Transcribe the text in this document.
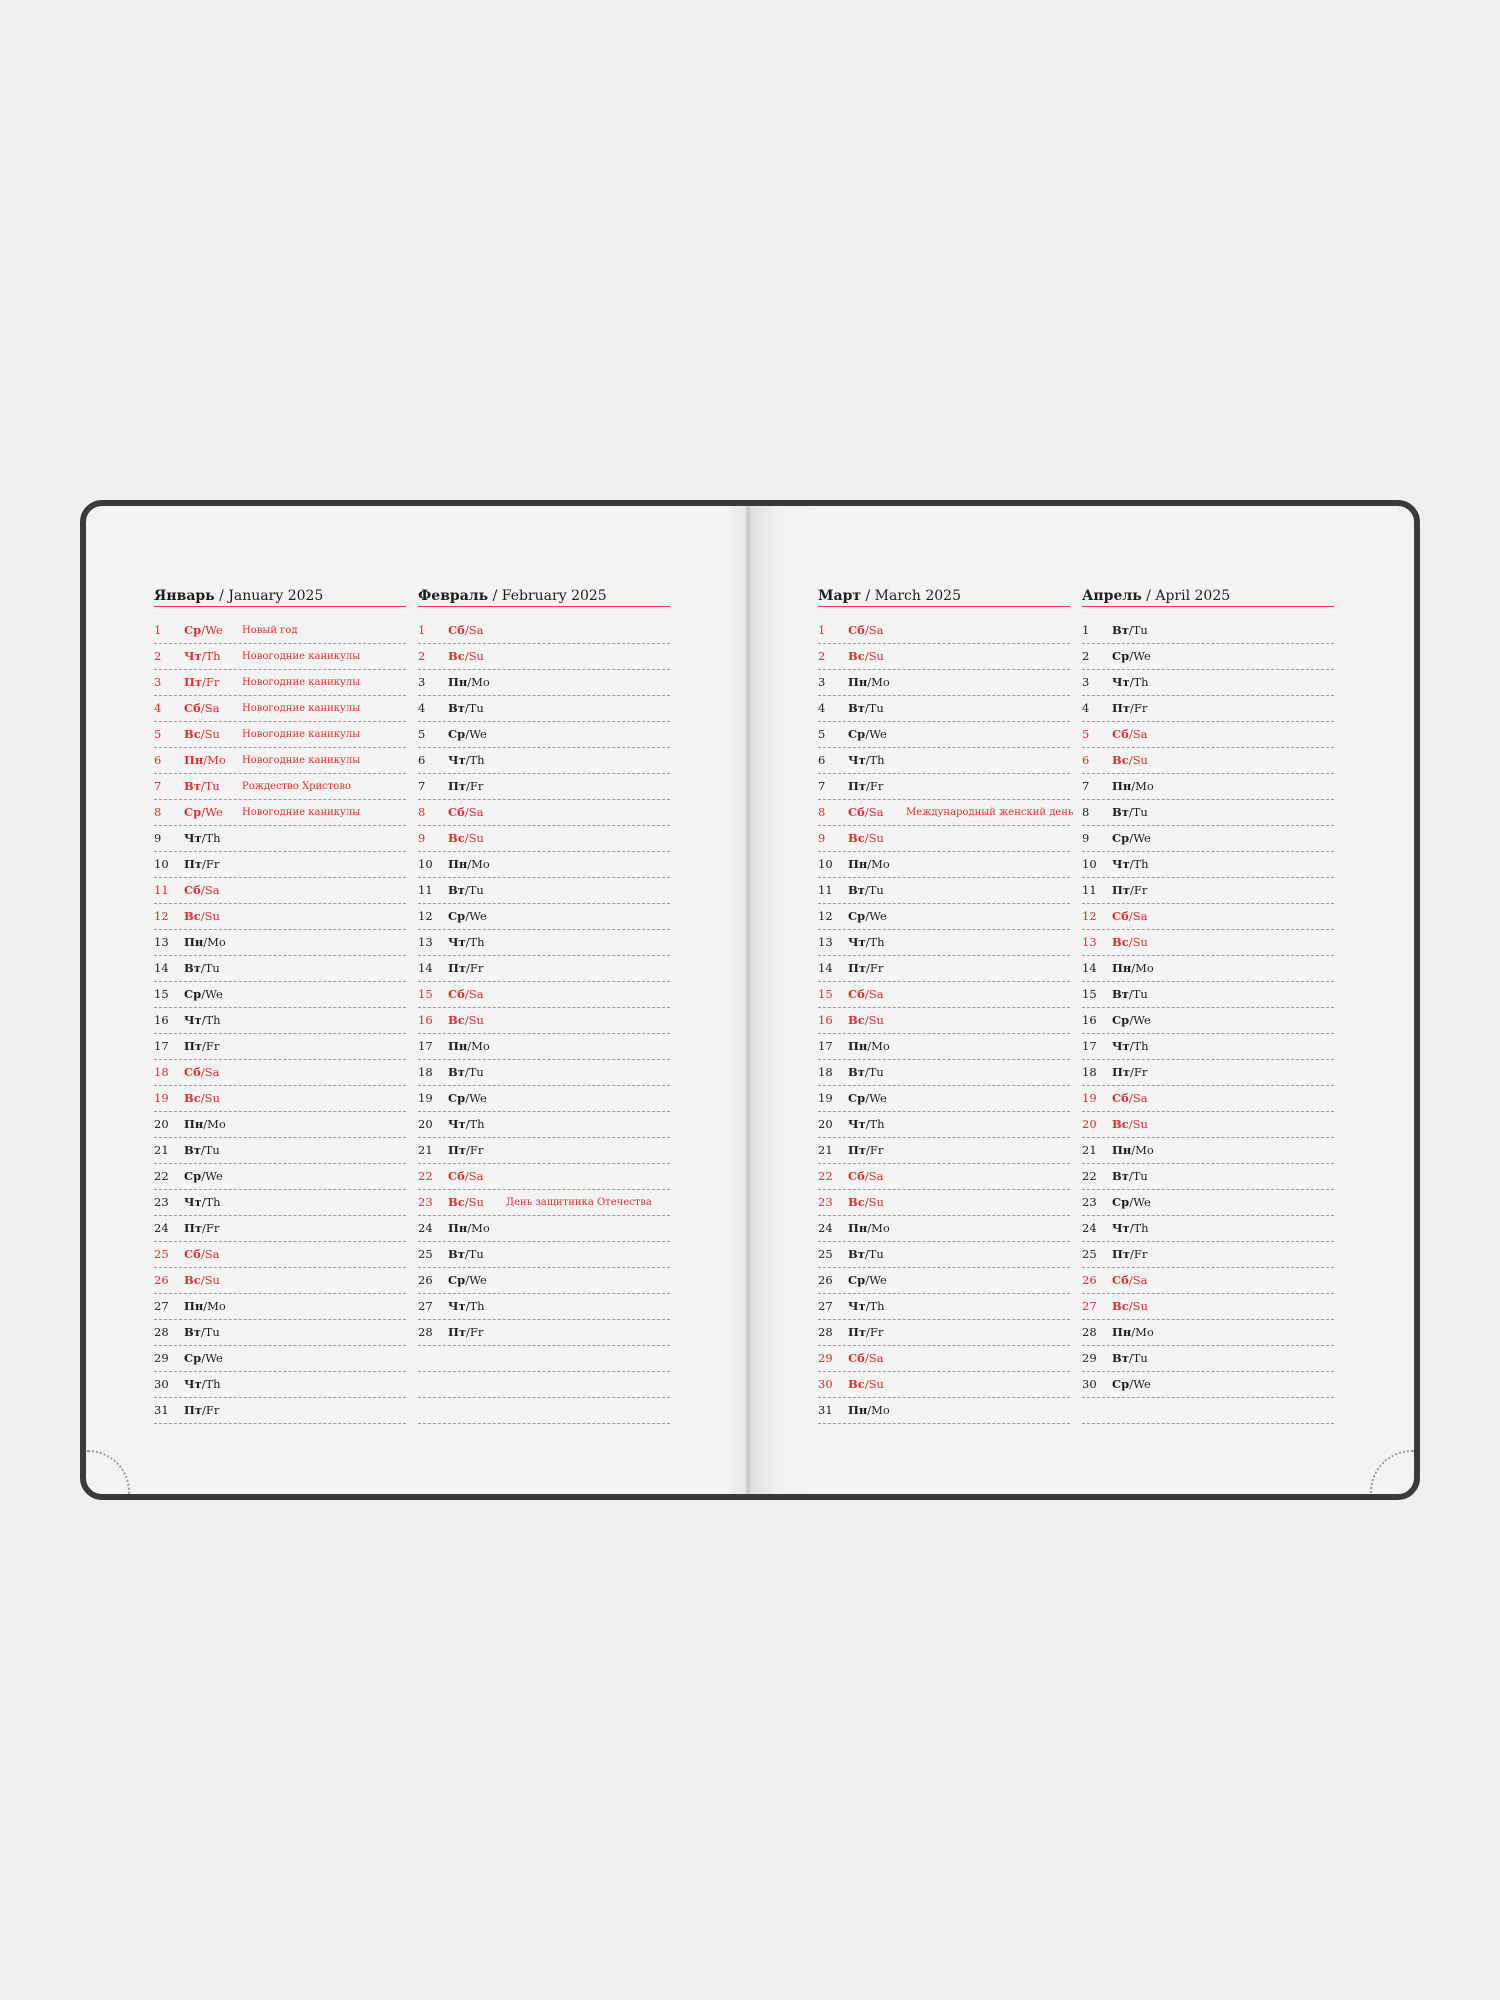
Январь / January 2025
1	Ср/We Новый год
2	Чт/Th Новогодние каникулы
3	Пт/Fr Новогодние каникулы
4	Сб/Sa Новогодние каникулы
5	Вс/Su Новогодние каникулы
6	Пн/Mo Новогодние каникулы
7	Вт/Tu Рождество Христово
8	Ср/We Новогодние каникулы
9	Чт/Th
10	Пт/Fr
11	Сб/Sa
12	Вс/Su
13	Пн/Mo
14	Вт/Tu
15	Ср/We
16	Чт/Th
17	Пт/Fr
18	Сб/Sa
19	Вс/Su
20	Пн/Mo
21	Вт/Tu
22	Ср/We
23	Чт/Th
24	Пт/Fr
25	Сб/Sa
26	Вс/Su
27	Пн/Mo
28	Вт/Tu
29	Ср/We
30	Чт/Th
31	Пт/Fr
Февраль / February 2025
1	Сб/Sa
2	Вс/Su
3	Пн/Mo
4	Вт/Tu
5	Ср/We
6	Чт/Th
7	Пт/Fr
8	Сб/Sa
9	Вс/Su
10	Пн/Mo
11	Вт/Tu
12	Ср/We
13	Чт/Th
14	Пт/Fr
15	Сб/Sa
16	Вс/Su
17	Пн/Mo
18	Вт/Tu
19	Ср/We
20	Чт/Th
21	Пт/Fr
22	Сб/Sa
23	Вс/Su День защитника Отечества
24	Пн/Mo
25	Вт/Tu
26	Ср/We
27	Чт/Th
28	Пт/Fr
Март / March 2025
1	Сб/Sa
2	Вс/Su
3	Пн/Mo
4	Вт/Tu
5	Ср/We
6	Чт/Th
7	Пт/Fr
8	Сб/Sa Международный женский день
9	Вс/Su
10	Пн/Mo
11	Вт/Tu
12	Ср/We
13	Чт/Th
14	Пт/Fr
15	Сб/Sa
16	Вс/Su
17	Пн/Mo
18	Вт/Tu
19	Ср/We
20	Чт/Th
21	Пт/Fr
22	Сб/Sa
23	Вс/Su
24	Пн/Mo
25	Вт/Tu
26	Ср/We
27	Чт/Th
28	Пт/Fr
29	Сб/Sa
30	Вс/Su
31	Пн/Mo
Апрель / April 2025
1	Вт/Tu
2	Ср/We
3	Чт/Th
4	Пт/Fr
5	Сб/Sa
6	Вс/Su
7	Пн/Mo
8	Вт/Tu
9	Ср/We
10	Чт/Th
11	Пт/Fr
12	Сб/Sa
13	Вс/Su
14	Пн/Mo
15	Вт/Tu
16	Ср/We
17	Чт/Th
18	Пт/Fr
19	Сб/Sa
20	Вс/Su
21	Пн/Mo
22	Вт/Tu
23	Ср/We
24	Чт/Th
25	Пт/Fr
26	Сб/Sa
27	Вс/Su
28	Пн/Mo
29	Вт/Tu
30	Ср/We
